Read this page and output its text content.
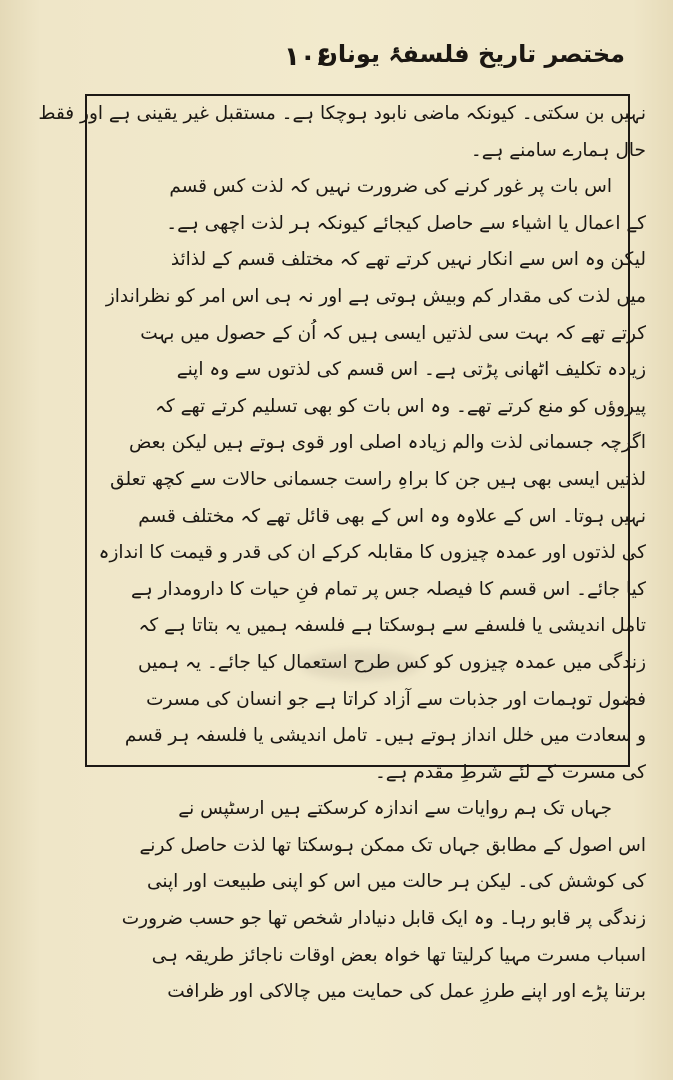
۱۰۶
مختصر تاریخ فلسفۂ یونان
نہیں بن سکتی۔ کیونکہ ماضی نابود ہوچکا ہے۔ مستقبل غیر یقینی ہے اور فقط
حال ہمارے سامنے ہے۔
اس بات پر غور کرنے کی ضرورت نہیں کہ لذت کس قسم
کے اعمال یا اشیاء سے حاصل کیجائے کیونکہ ہر لذت اچھی ہے۔
لیکن وہ اس سے انکار نہیں کرتے تھے کہ مختلف قسم کے لذائذ
میں لذت کی مقدار کم وبیش ہوتی ہے اور نہ ہی اس امر کو نظرانداز
کرتے تھے کہ بہت سی لذتیں ایسی ہیں کہ اُن کے حصول میں بہت
زیادہ تکلیف اٹھانی پڑتی ہے۔ اس قسم کی لذتوں سے وہ اپنے
پیروؤں کو منع کرتے تھے۔ وہ اس بات کو بھی تسلیم کرتے تھے کہ
اگرچہ جسمانی لذت والم زیادہ اصلی اور قوی ہوتے ہیں لیکن بعض
لذتیں ایسی بھی ہیں جن کا براہِ راست جسمانی حالات سے کچھ تعلق
نہیں ہوتا۔ اس کے علاوہ وہ اس کے بھی قائل تھے کہ مختلف قسم
کی لذتوں اور عمدہ چیزوں کا مقابلہ کرکے ان کی قدر و قیمت کا اندازہ
کیا جائے۔ اس قسم کا فیصلہ جس پر تمام فنِ حیات کا دارومدار ہے
تامل اندیشی یا فلسفے سے ہوسکتا ہے فلسفہ ہمیں یہ بتاتا ہے کہ
زندگی میں عمدہ چیزوں کو کس طرح استعمال کیا جائے۔ یہ ہمیں
فضول توہمات اور جذبات سے آزاد کراتا ہے جو انسان کی مسرت
و سعادت میں خلل انداز ہوتے ہیں۔ تامل اندیشی یا فلسفہ ہر قسم
کی مسرت کے لئے شرطِ مقدم ہے۔
جہاں تک ہم روایات سے اندازہ کرسکتے ہیں ارسٹپس نے
اس اصول کے مطابق جہاں تک ممکن ہوسکتا تھا لذت حاصل کرنے
کی کوشش کی۔ لیکن ہر حالت میں اس کو اپنی طبیعت اور اپنی
زندگی پر قابو رہا۔ وہ ایک قابل دنیادار شخص تھا جو حسب ضرورت
اسباب مسرت مہیا کرلیتا تھا خواہ بعض اوقات ناجائز طریقہ ہی
برتنا پڑے اور اپنے طرزِ عمل کی حمایت میں چالاکی اور ظرافت
